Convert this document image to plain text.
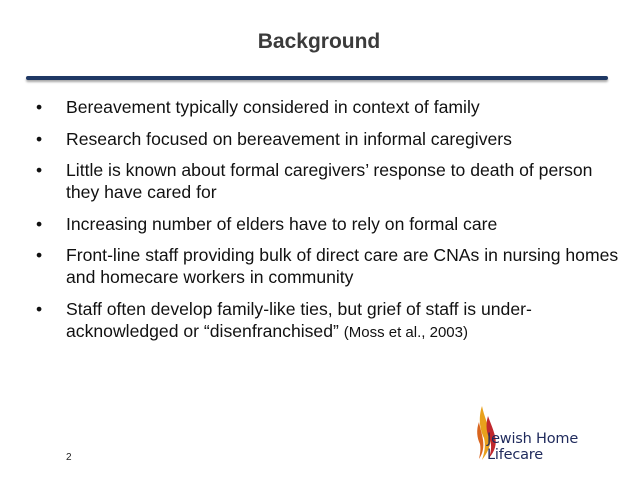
Background
• Bereavement typically considered in context of family
• Research focused on bereavement in informal caregivers
• Little is known about formal caregivers’ response to death of person they have cared for
• Increasing number of elders have to rely on formal care
• Front-line staff providing bulk of direct care are CNAs in nursing homes and homecare workers in community
• Staff often develop family-like ties, but grief of staff is under-acknowledged or “disenfranchised” (Moss et al., 2003)
2
Jewish Home Lifecare
